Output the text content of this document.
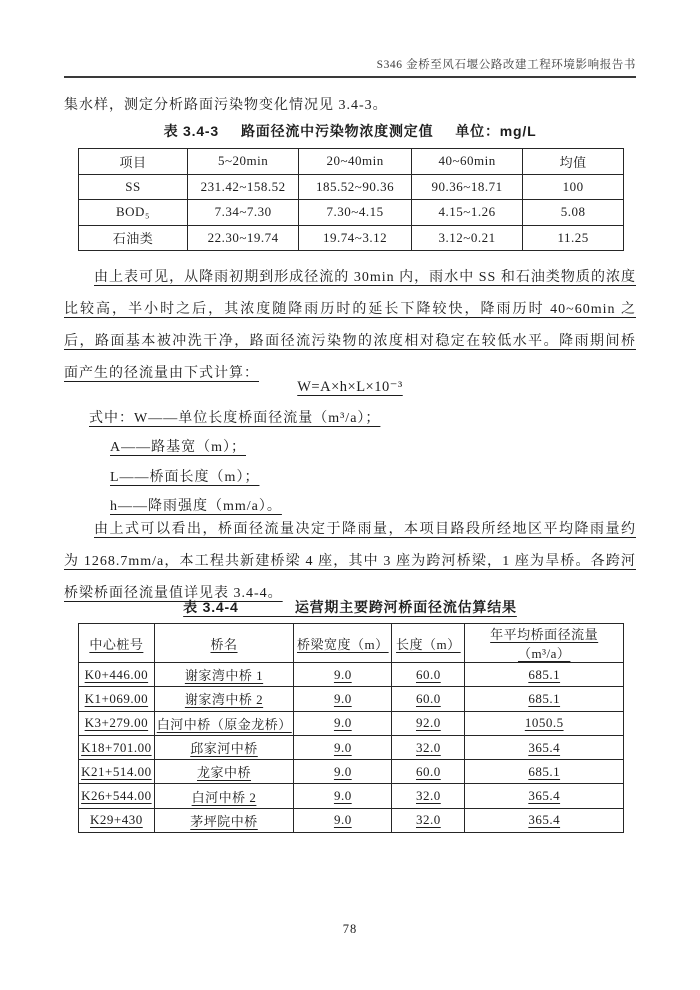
S346 金桥至风石堰公路改建工程环境影响报告书
集水样，测定分析路面污染物变化情况见 3.4-3。
表 3.4-3 路面径流中污染物浓度测定值 单位：mg/L
项目	5~20min	20~40min	40~60min	均值
SS	231.42~158.52	185.52~90.36	90.36~18.71	100
BOD₅	7.34~7.30	7.30~4.15	4.15~1.26	5.08
石油类	22.30~19.74	19.74~3.12	3.12~0.21	11.25
由上表可见，从降雨初期到形成径流的 30min 内，雨水中 SS 和石油类物质的浓度
比较高，半小时之后，其浓度随降雨历时的延长下降较快，降雨历时 40~60min 之
后，路面基本被冲洗干净，路面径流污染物的浓度相对稳定在较低水平。降雨期间桥
面产生的径流量由下式计算：
W=A×h×L×10⁻³
式中：W——单位长度桥面径流量（m³/a）；
A——路基宽（m）；
L——桥面长度（m）；
h——降雨强度（mm/a）。
由上式可以看出，桥面径流量决定于降雨量，本项目路段所经地区平均降雨量约
为 1268.7mm/a，本工程共新建桥梁 4 座，其中 3 座为跨河桥梁，1 座为旱桥。各跨河
桥梁桥面径流量值详见表 3.4-4。
表 3.4-4            运营期主要跨河桥面径流估算结果
中心桩号	桥名	桥梁宽度（m）	长度（m）	年平均桥面径流量（m³/a）
K0+446.00	谢家湾中桥 1	9.0	60.0	685.1
K1+069.00	谢家湾中桥 2	9.0	60.0	685.1
K3+279.00	白河中桥（原金龙桥）	9.0	92.0	1050.5
K18+701.00	邱家河中桥	9.0	32.0	365.4
K21+514.00	龙家中桥	9.0	60.0	685.1
K26+544.00	白河中桥 2	9.0	32.0	365.4
K29+430	茅坪院中桥	9.0	32.0	365.4
78
